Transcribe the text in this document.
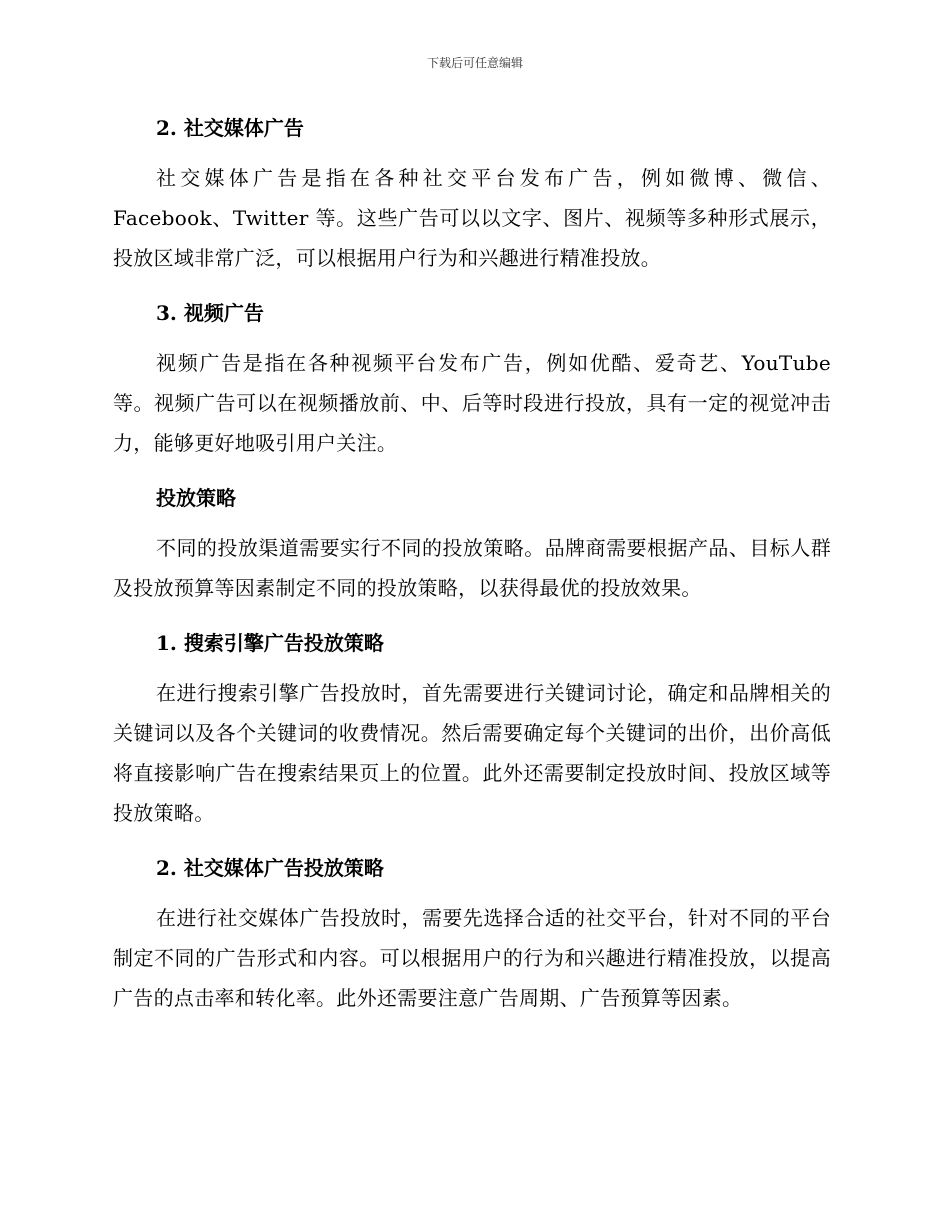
下载后可任意编辑
2. 社交媒体广告

社交媒体广告是指在各种社交平台发布广告，例如微博、微信、Facebook、Twitter 等。这些广告可以以文字、图片、视频等多种形式展示，投放区域非常广泛，可以根据用户行为和兴趣进行精准投放。

3. 视频广告

视频广告是指在各种视频平台发布广告，例如优酷、爱奇艺、YouTube 等。视频广告可以在视频播放前、中、后等时段进行投放，具有一定的视觉冲击力，能够更好地吸引用户关注。

投放策略

不同的投放渠道需要实行不同的投放策略。品牌商需要根据产品、目标人群及投放预算等因素制定不同的投放策略，以获得最优的投放效果。

1. 搜索引擎广告投放策略

在进行搜索引擎广告投放时，首先需要进行关键词讨论，确定和品牌相关的关键词以及各个关键词的收费情况。然后需要确定每个关键词的出价，出价高低将直接影响广告在搜索结果页上的位置。此外还需要制定投放时间、投放区域等投放策略。

2. 社交媒体广告投放策略

在进行社交媒体广告投放时，需要先选择合适的社交平台，针对不同的平台制定不同的广告形式和内容。可以根据用户的行为和兴趣进行精准投放，以提高广告的点击率和转化率。此外还需要注意广告周期、广告预算等因素。
